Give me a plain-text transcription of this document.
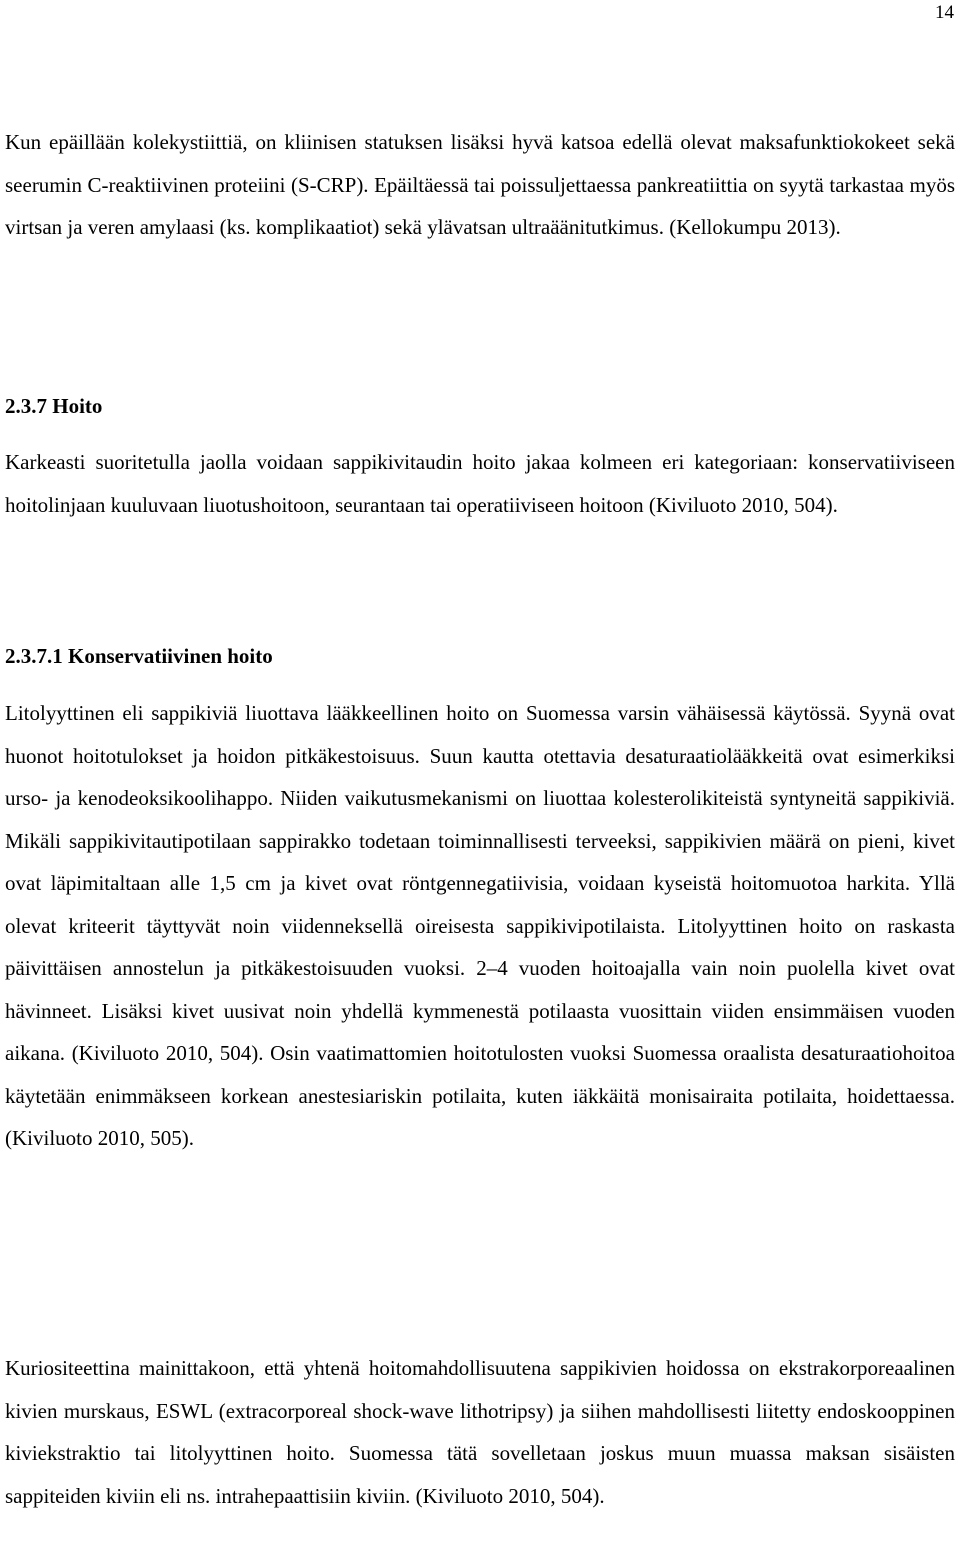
14

Kun epäillään kolekystiittiä, on kliinisen statuksen lisäksi hyvä katsoa edellä olevat maksafunktiokokeet sekä seerumin C-reaktiivinen proteiini (S-CRP). Epäiltäessä tai poissuljettaessa pankreatiittia on syytä tarkastaa myös virtsan ja veren amylaasi (ks. komplikaatiot) sekä ylävatsan ultraäänitutkimus. (Kellokumpu 2013).

2.3.7 Hoito

Karkeasti suoritetulla jaolla voidaan sappikivitaudin hoito jakaa kolmeen eri kategoriaan: konservatiiviseen hoitolinjaan kuuluvaan liuotushoitoon, seurantaan tai operatiiviseen hoitoon (Kiviluoto 2010, 504).

2.3.7.1 Konservatiivinen hoito

Litolyyttinen eli sappikiviä liuottava lääkkeellinen hoito on Suomessa varsin vähäisessä käytössä. Syynä ovat huonot hoitotulokset ja hoidon pitkäkestoisuus. Suun kautta otettavia desaturaatiolääkkeitä ovat esimerkiksi urso- ja kenodeoksikoolihappo. Niiden vaikutusmekanismi on liuottaa kolesterolikiteistä syntyneitä sappikiviä. Mikäli sappikivitautipotilaan sappirakko todetaan toiminnallisesti terveeksi, sappikivien määrä on pieni, kivet ovat läpimitaltaan alle 1,5 cm ja kivet ovat röntgennegatiivisia, voidaan kyseistä hoitomuotoa harkita. Yllä olevat kriteerit täyttyvät noin viidenneksellä oireisesta sappikivipotilaista. Litolyyttinen hoito on raskasta päivittäisen annostelun ja pitkäkestoisuuden vuoksi. 2–4 vuoden hoitoajalla vain noin puolella kivet ovat hävinneet. Lisäksi kivet uusivat noin yhdellä kymmenestä potilaasta vuosittain viiden ensimmäisen vuoden aikana. (Kiviluoto 2010, 504). Osin vaatimattomien hoitotulosten vuoksi Suomessa oraalista desaturaatiohoitoa käytetään enimmäkseen korkean anestesiariskin potilaita, kuten iäkkäitä monisairaita potilaita, hoidettaessa. (Kiviluoto 2010, 505).

Kuriositeettina mainittakoon, että yhtenä hoitomahdollisuutena sappikivien hoidossa on ekstrakorporeaalinen kivien murskaus, ESWL (extracorporeal shock-wave lithotripsy) ja siihen mahdollisesti liitetty endoskooppinen kiviekstraktio tai litolyyttinen hoito. Suomessa tätä sovelletaan joskus muun muassa maksan sisäisten sappiteiden kiviin eli ns. intrahepaattisiin kiviin. (Kiviluoto 2010, 504).
